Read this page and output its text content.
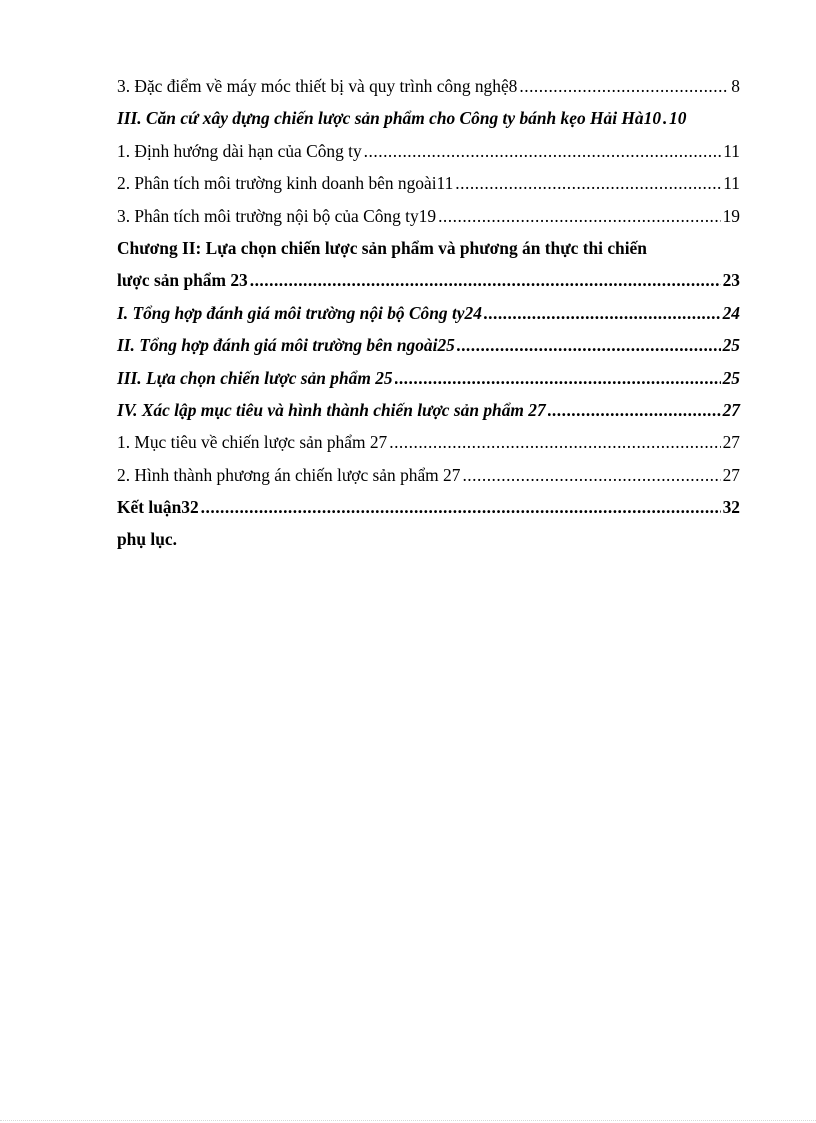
3. Đặc điểm về máy móc thiết bị và quy trình công nghệ8 .....	8
III. Căn cứ xây dựng chiến lược sản phẩm cho Công ty bánh kẹo Hải Hà10 ..... 10
1. Định hướng dài hạn của Công ty .....	11
2. Phân tích môi trường kinh doanh bên ngoài11 .....	11
3. Phân tích môi trường nội bộ của Công ty19 .....	19
Chương II: Lựa chọn chiến lược sản phẩm và phương án thực thi chiến
lược sản phẩm 23 .....	23
I. Tổng hợp đánh giá môi trường nội bộ Công ty24 .....	24
II. Tổng hợp đánh giá môi trường bên ngoài25 .....	25
III. Lựa chọn chiến lược sản phẩm 25 .....	25
IV. Xác lập mục tiêu và hình thành chiến lược sản phẩm 27 .....	27
1. Mục tiêu về chiến lược sản phẩm 27 .....	27
2. Hình thành phương án chiến lược sản phẩm 27 .....	27
Kết luận32 .....	32
phụ lục.
